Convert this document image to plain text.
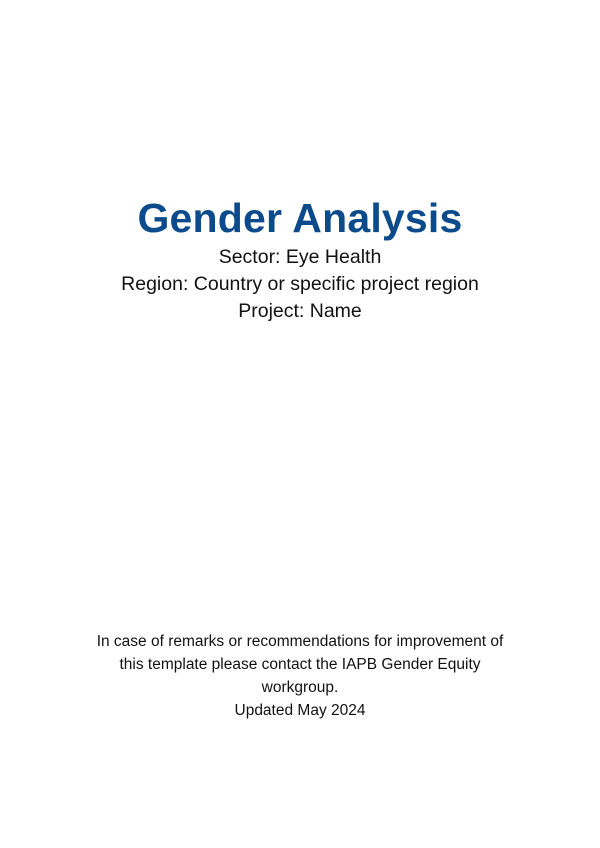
Gender Analysis
Sector: Eye Health
Region: Country or specific project region
Project: Name
In case of remarks or recommendations for improvement of
this template please contact the IAPB Gender Equity
workgroup.
Updated May 2024
